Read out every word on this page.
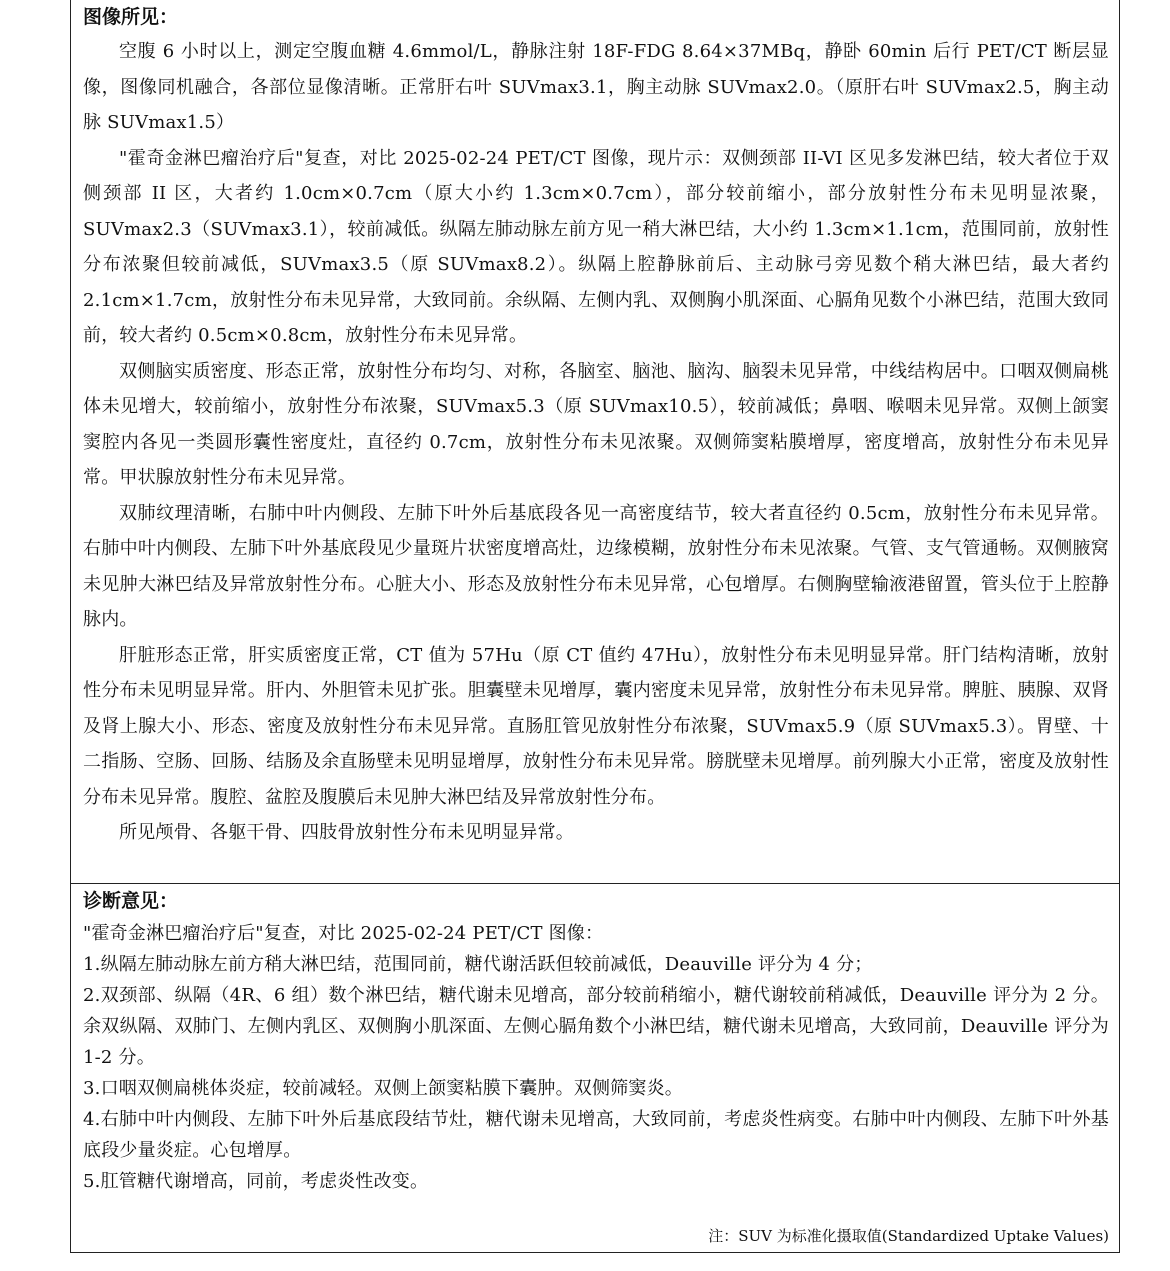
图像所见：

空腹 6 小时以上，测定空腹血糖 4.6mmol/L，静脉注射 18F-FDG 8.64×37MBq，静卧 60min 后行 PET/CT 断层显像，图像同机融合，各部位显像清晰。正常肝右叶 SUVmax3.1，胸主动脉 SUVmax2.0。（原肝右叶 SUVmax2.5，胸主动脉 SUVmax1.5）

"霍奇金淋巴瘤治疗后"复查，对比 2025-02-24 PET/CT 图像，现片示：双侧颈部 II-VI 区见多发淋巴结，较大者位于双侧颈部 II 区，大者约 1.0cm×0.7cm（原大小约 1.3cm×0.7cm），部分较前缩小，部分放射性分布未见明显浓聚，SUVmax2.3（SUVmax3.1），较前减低。纵隔左肺动脉左前方见一稍大淋巴结，大小约 1.3cm×1.1cm，范围同前，放射性分布浓聚但较前减低，SUVmax3.5（原 SUVmax8.2）。纵隔上腔静脉前后、主动脉弓旁见数个稍大淋巴结，最大者约 2.1cm×1.7cm，放射性分布未见异常，大致同前。余纵隔、左侧内乳、双侧胸小肌深面、心膈角见数个小淋巴结，范围大致同前，较大者约 0.5cm×0.8cm，放射性分布未见异常。

双侧脑实质密度、形态正常，放射性分布均匀、对称，各脑室、脑池、脑沟、脑裂未见异常，中线结构居中。口咽双侧扁桃体未见增大，较前缩小，放射性分布浓聚，SUVmax5.3（原 SUVmax10.5），较前减低；鼻咽、喉咽未见异常。双侧上颌窦窦腔内各见一类圆形囊性密度灶，直径约 0.7cm，放射性分布未见浓聚。双侧筛窦粘膜增厚，密度增高，放射性分布未见异常。甲状腺放射性分布未见异常。

双肺纹理清晰，右肺中叶内侧段、左肺下叶外后基底段各见一高密度结节，较大者直径约 0.5cm，放射性分布未见异常。右肺中叶内侧段、左肺下叶外基底段见少量斑片状密度增高灶，边缘模糊，放射性分布未见浓聚。气管、支气管通畅。双侧腋窝未见肿大淋巴结及异常放射性分布。心脏大小、形态及放射性分布未见异常，心包增厚。右侧胸壁输液港留置，管头位于上腔静脉内。

肝脏形态正常，肝实质密度正常，CT 值为 57Hu（原 CT 值约 47Hu），放射性分布未见明显异常。肝门结构清晰，放射性分布未见明显异常。肝内、外胆管未见扩张。胆囊壁未见增厚，囊内密度未见异常，放射性分布未见异常。脾脏、胰腺、双肾及肾上腺大小、形态、密度及放射性分布未见异常。直肠肛管见放射性分布浓聚，SUVmax5.9（原 SUVmax5.3）。胃壁、十二指肠、空肠、回肠、结肠及余直肠壁未见明显增厚，放射性分布未见异常。膀胱壁未见增厚。前列腺大小正常，密度及放射性分布未见异常。腹腔、盆腔及腹膜后未见肿大淋巴结及异常放射性分布。

所见颅骨、各躯干骨、四肢骨放射性分布未见明显异常。

诊断意见：

"霍奇金淋巴瘤治疗后"复查，对比 2025-02-24 PET/CT 图像：

1.纵隔左肺动脉左前方稍大淋巴结，范围同前，糖代谢活跃但较前减低，Deauville 评分为 4 分；

2.双颈部、纵隔（4R、6 组）数个淋巴结，糖代谢未见增高，部分较前稍缩小，糖代谢较前稍减低，Deauville 评分为 2 分。余双纵隔、双肺门、左侧内乳区、双侧胸小肌深面、左侧心膈角数个小淋巴结，糖代谢未见增高，大致同前，Deauville 评分为 1-2 分。

3.口咽双侧扁桃体炎症，较前减轻。双侧上颌窦粘膜下囊肿。双侧筛窦炎。

4.右肺中叶内侧段、左肺下叶外后基底段结节灶，糖代谢未见增高，大致同前，考虑炎性病变。右肺中叶内侧段、左肺下叶外基底段少量炎症。心包增厚。

5.肛管糖代谢增高，同前，考虑炎性改变。

注：SUV 为标准化摄取值(Standardized Uptake Values)
